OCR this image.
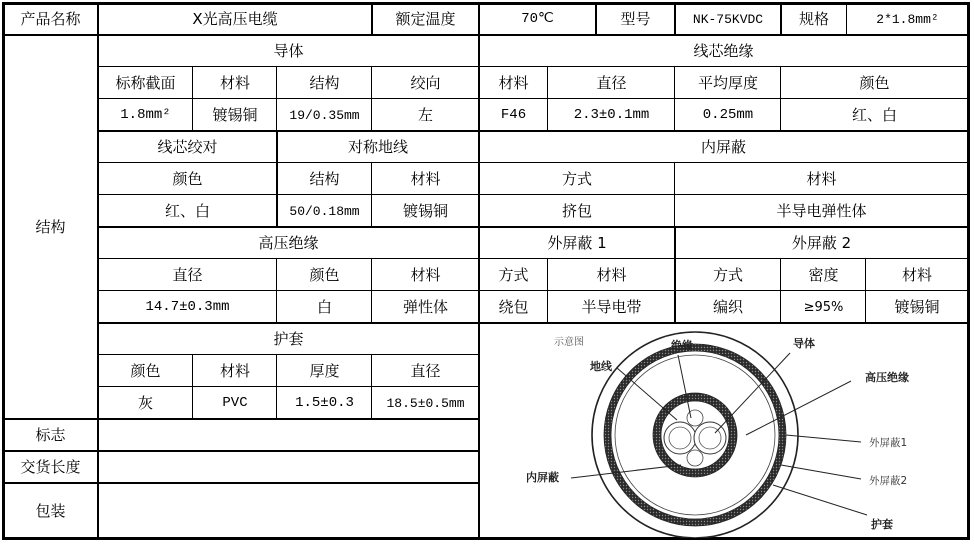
产品名称	X光高压电缆	额定温度	70℃	型号	NK-75KVDC	规格	2*1.8mm²
结构
导体
标称截面	材料	结构	绞向
1.8mm²	镀锡铜	19/0.35mm	左
线芯绝缘
材料	直径	平均厚度	颜色
F46	2.3±0.1mm	0.25mm	红、白
线芯绞对
颜色
红、白
对称地线
结构	材料
50/0.18mm	镀锡铜
内屏蔽
方式	材料
挤包	半导电弹性体
高压绝缘
直径	颜色	材料
14.7±0.3mm	白	弹性体
外屏蔽 1
方式	材料
绕包	半导电带
外屏蔽 2
方式	密度	材料
编织	≥95%	镀锡铜
护套
颜色	材料	厚度	直径
灰	PVC	1.5±0.3	18.5±0.5mm
标志
交货长度
包装
示意图	绝缘
地线
导体
高压绝缘
内屏蔽
护套
外屏蔽1
外屏蔽2
